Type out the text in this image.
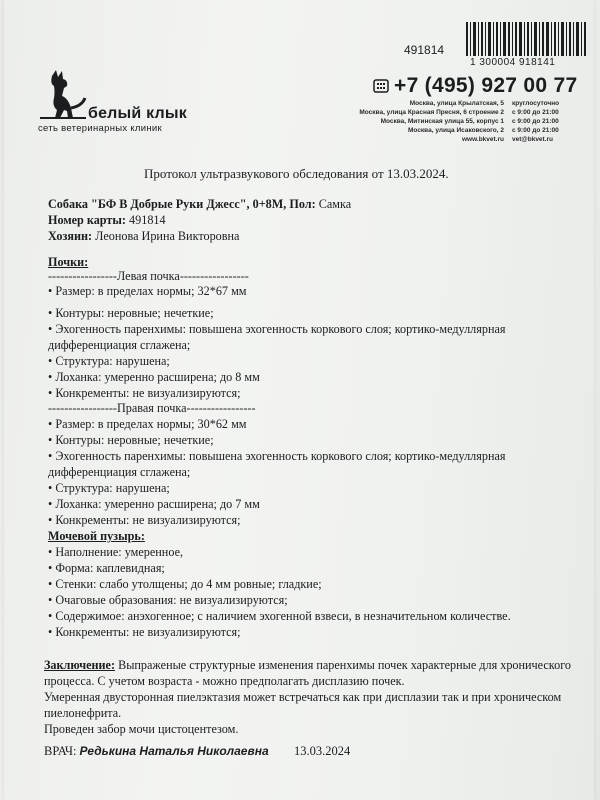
белый клык
сеть ветеринарных клиник
491814
1 300004 918141
+7 (495) 927 00 77
Москва, улица Крылатская, 5 круглосуточно
Москва, улица Красная Пресня, 6 строение 2 с 9:00 до 21:00
Москва, Митинская улица 55, корпус 1 с 9:00 до 21:00
Москва, улица Исаковского, 2 с 9:00 до 21:00
www.bkvet.ru vet@bkvet.ru
Протокол ультразвукового обследования от 13.03.2024.
Собака "БФ В Добрые Руки Джесс", 0+8М, Пол: Самка
Номер карты: 491814
Хозяин: Леонова Ирина Викторовна
Почки:
-----------------Левая почка-----------------
• Размер: в пределах нормы; 32*67 мм
• Контуры: неровные; нечеткие;
• Эхогенность паренхимы: повышена эхогенность коркового слоя; кортико-медуллярная
дифференциация сглажена;
• Структура: нарушена;
• Лоханка: умеренно расширена; до 8 мм
• Конкременты: не визуализируются;
-----------------Правая почка-----------------
• Размер: в пределах нормы; 30*62 мм
• Контуры: неровные; нечеткие;
• Эхогенность паренхимы: повышена эхогенность коркового слоя; кортико-медуллярная
дифференциация сглажена;
• Структура: нарушена;
• Лоханка: умеренно расширена; до 7 мм
• Конкременты: не визуализируются;
Мочевой пузырь:
• Наполнение: умеренное,
• Форма: каплевидная;
• Стенки: слабо утолщены; до 4 мм ровные; гладкие;
• Очаговые образования: не визуализируются;
• Содержимое: анэхогенное; с наличием эхогенной взвеси, в незначительном количестве.
• Конкременты: не визуализируются;
Заключение: Выпраженые структурные изменения паренхимы почек характерные для хронического
процесса. С учетом возраста - можно предполагать дисплазию почек.
Умеренная двусторонная пиелэктазия может встречаться как при дисплазии так и при хроническом
пиелонефрита.
Проведен забор мочи цистоцентезом.
ВРАЧ: Редькина Наталья Николаевна 13.03.2024
